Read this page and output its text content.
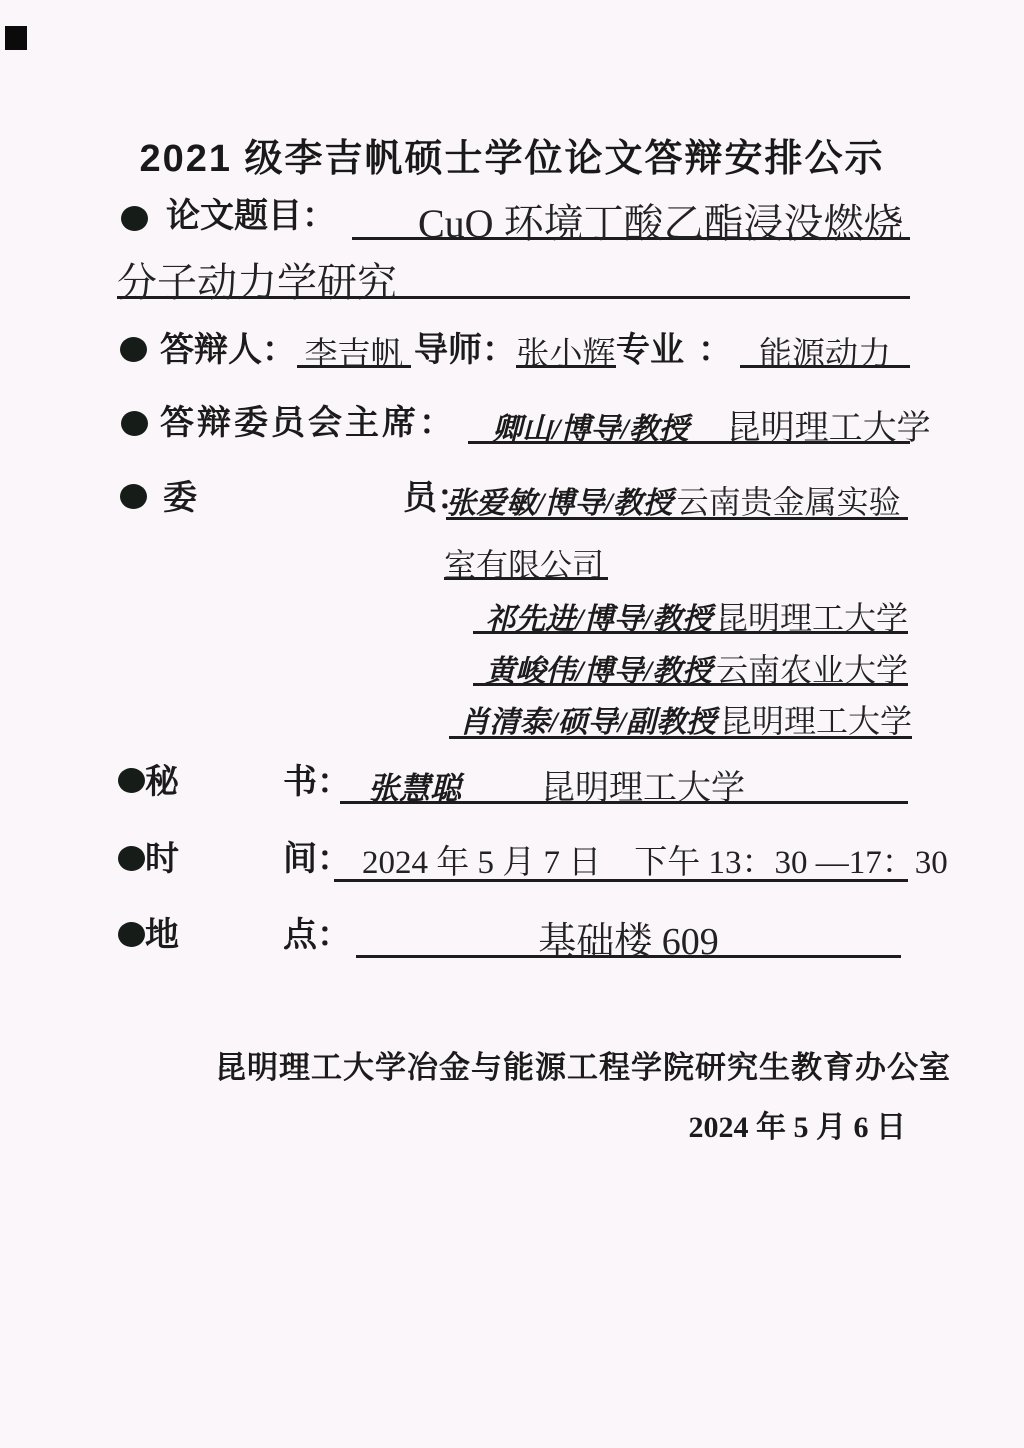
2021 级李吉帆硕士学位论文答辩安排公示
论文题目：	CuO 环境丁酸乙酯浸没燃烧
分子动力学研究
答辩人： 李吉帆 导师： 张小辉 专业 ： 能源动力
答辩委员会主席：	卿山/博导/教授 昆明理工大学
委	员：
张爱敏/博导/教授 云南贵金属实验
室有限公司
祁先进/博导/教授 昆明理工大学
黄峻伟/博导/教授 云南农业大学
肖清泰/硕导/副教授 昆明理工大学
秘	书： 张慧聪 昆明理工大学
时	间： 2024 年 5 月 7 日　下午 13：30 —17：30
地	点：	基础楼 609
昆明理工大学冶金与能源工程学院研究生教育办公室
2024 年 5 月 6 日
